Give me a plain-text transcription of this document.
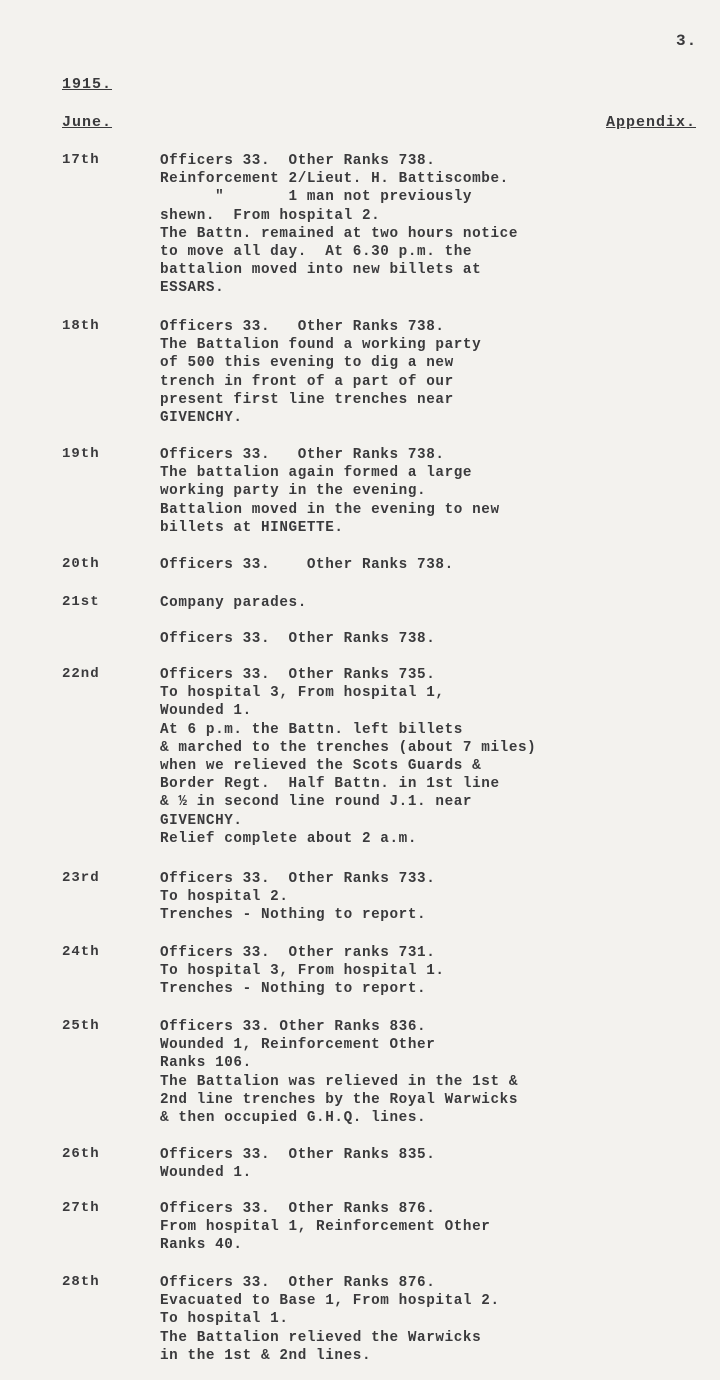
3.
1915.
June.	Appendix.
17th	Officers 33.  Other Ranks 738.
Reinforcement 2/Lieut. H. Battiscombe.
"       1 man not previously
shewn.  From hospital 2.
The Battn. remained at two hours notice
to move all day.  At 6.30 p.m. the
battalion moved into new billets at
ESSARS.
18th	Officers 33.   Other Ranks 738.
The Battalion found a working party
of 500 this evening to dig a new
trench in front of a part of our
present first line trenches near
GIVENCHY.
19th	Officers 33.   Other Ranks 738.
The battalion again formed a large
working party in the evening.
Battalion moved in the evening to new
billets at HINGETTE.
20th	Officers 33.    Other Ranks 738.
21st	Company parades.

Officers 33.  Other Ranks 738.
22nd	Officers 33.  Other Ranks 735.
To hospital 3, From hospital 1,
Wounded 1.
At 6 p.m. the Battn. left billets
& marched to the trenches (about 7 miles)
when we relieved the Scots Guards &
Border Regt.  Half Battn. in 1st line
& ½ in second line round J.1. near
GIVENCHY.
Relief complete about 2 a.m.
23rd	Officers 33.  Other Ranks 733.
To hospital 2.
Trenches - Nothing to report.
24th	Officers 33.  Other ranks 731.
To hospital 3, From hospital 1.
Trenches - Nothing to report.
25th	Officers 33. Other Ranks 836.
Wounded 1, Reinforcement Other
Ranks 106.
The Battalion was relieved in the 1st &
2nd line trenches by the Royal Warwicks
& then occupied G.H.Q. lines.
26th	Officers 33.  Other Ranks 835.
Wounded 1.
27th	Officers 33.  Other Ranks 876.
From hospital 1, Reinforcement Other
Ranks 40.
28th	Officers 33.  Other Ranks 876.
Evacuated to Base 1, From hospital 2.
To hospital 1.
The Battalion relieved the Warwicks
in the 1st & 2nd lines.
